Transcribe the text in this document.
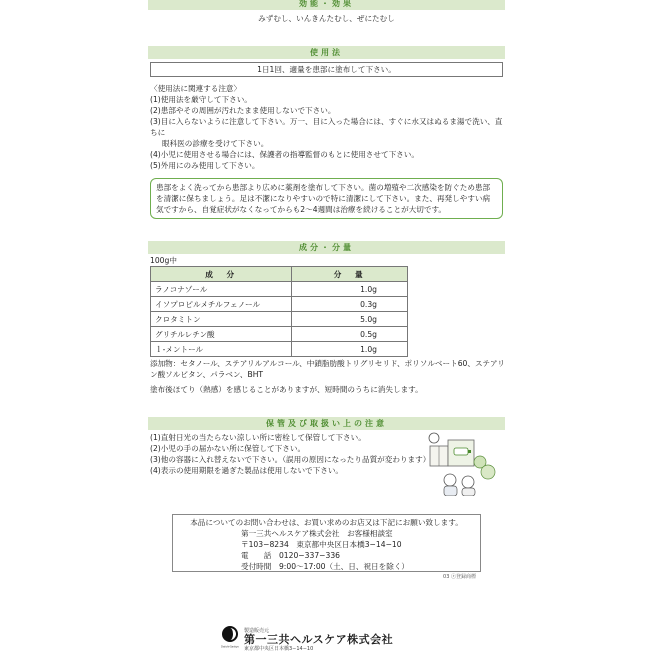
効能・効果

みずむし、いんきんたむし、ぜにたむし

使用法
1日1回、適量を患部に塗布して下さい。

〈使用法に関連する注意〉

(1)使用法を厳守して下さい。

(2)患部やその周囲が汚れたまま使用しないで下さい。

(3)目に入らないように注意して下さい。万一、目に入った場合には、すぐに水又はぬるま湯で洗い、直ちに

眼科医の診療を受けて下さい。

(4)小児に使用させる場合には、保護者の指導監督のもとに使用させて下さい。

(5)外用にのみ使用して下さい。

患部をよく洗ってから患部より広めに薬剤を塗布して下さい。菌の増殖や二次感染を防ぐため患部を清潔に保ちましょう。足は不潔になりやすいので特に清潔にして下さい。また、再発しやすい病気ですから、自覚症状がなくなってからも2～4週間は治療を続けることが大切です。

成分・分量

100g中

成　分	分　量
ラノコナゾール	1.0g
イソプロピルメチルフェノール	0.3g
クロタミトン	5.0g
グリチルレチン酸	0.5g
ｌ-メントール	1.0g

添加物：セタノール、ステアリルアルコール、中鎖脂肪酸トリグリセリド、ポリソルベート60、ステアリン酸ソルビタン、パラベン、BHT

塗布後ほてり（熱感）を感じることがありますが、短時間のうちに消失します。

保管及び取扱い上の注意

(1)直射日光の当たらない涼しい所に密栓して保管して下さい。

(2)小児の手の届かない所に保管して下さい。

(3)他の容器に入れ替えないで下さい。（誤用の原因になったり品質が変わります）

(4)表示の使用期限を過ぎた製品は使用しないで下さい。

本品についてのお問い合わせは、お買い求めのお店又は下記にお願い致します。

第一三共ヘルスケア株式会社　お客様相談室

〒103−8234　東京都中央区日本橋3−14−10

電　　話　 0120−337−336

受付時間　 9:00〜17:00（土、日、祝日を除く）

03 ⓡ登録商標
Daiichi-Sankyo

製造販売元

第一三共ヘルスケア株式会社

東京都中央区日本橋3−14−10
